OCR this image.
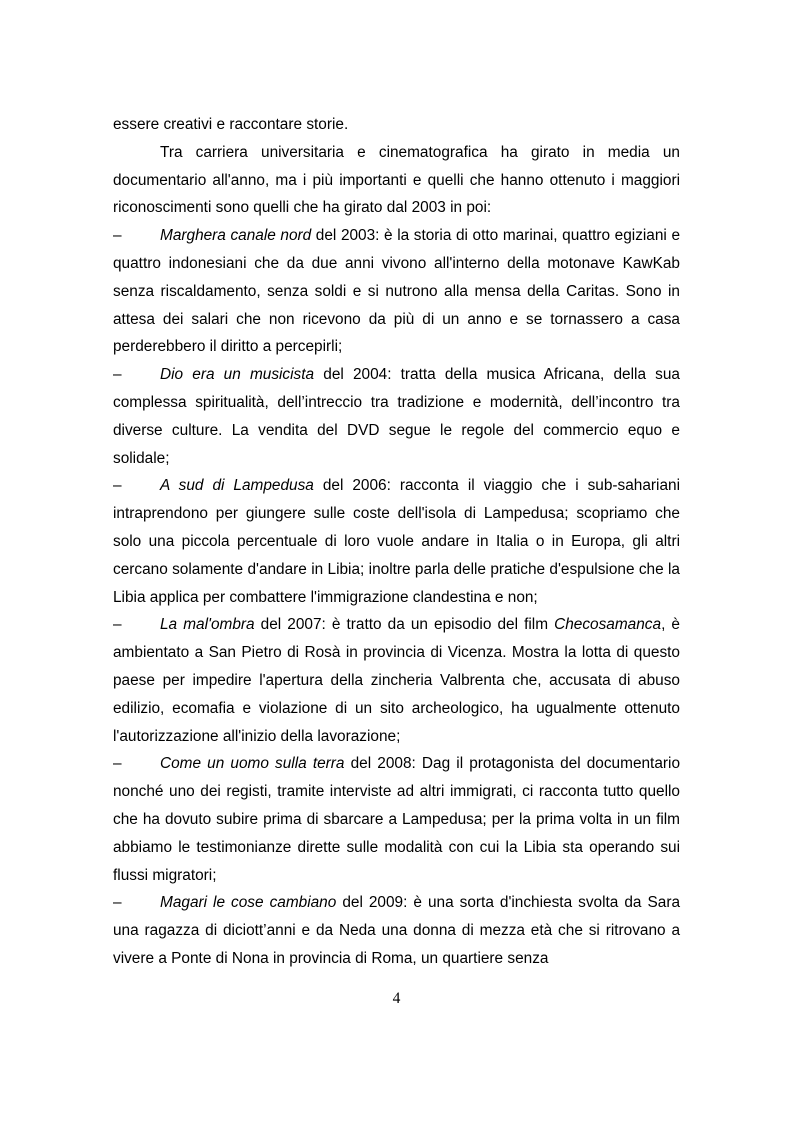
essere creativi e raccontare storie.

Tra carriera universitaria e cinematografica ha girato in media un documentario all'anno, ma i più importanti e quelli che hanno ottenuto i maggiori riconoscimenti sono quelli che ha girato dal 2003 in poi:

–	Marghera canale nord del 2003: è la storia di otto marinai, quattro egiziani e quattro indonesiani che da due anni vivono all'interno della motonave KawKab senza riscaldamento, senza soldi e si nutrono alla mensa della Caritas. Sono in attesa dei salari che non ricevono da più di un anno e se tornassero a casa perderebbero il diritto a percepirli;

–	Dio era un musicista del 2004: tratta della musica Africana, della sua complessa spiritualità, dell’intreccio tra tradizione e modernità, dell’incontro tra diverse culture. La vendita del DVD segue le regole del commercio equo e solidale;

–	A sud di Lampedusa del 2006: racconta il viaggio che i sub-sahariani intraprendono per giungere sulle coste dell'isola di Lampedusa; scopriamo che solo una piccola percentuale di loro vuole andare in Italia o in Europa, gli altri cercano solamente d'andare in Libia; inoltre parla delle pratiche d'espulsione che la Libia applica per combattere l'immigrazione clandestina e non;

–	La mal'ombra del 2007: è tratto da un episodio del film Checosamanca, è ambientato a San Pietro di Rosà in provincia di Vicenza. Mostra la lotta di questo paese per impedire l'apertura della zincheria Valbrenta che, accusata di abuso edilizio, ecomafia e violazione di un sito archeologico, ha ugualmente ottenuto l'autorizzazione all'inizio della lavorazione;

–	Come un uomo sulla terra del 2008: Dag il protagonista del documentario nonché uno dei registi, tramite interviste ad altri immigrati, ci racconta tutto quello che ha dovuto subire prima di sbarcare a Lampedusa; per la prima volta in un film abbiamo le testimonianze dirette sulle modalità con cui la Libia sta operando sui flussi migratori;

–	Magari le cose cambiano del 2009: è una sorta d'inchiesta svolta da Sara una ragazza di diciott’anni e da Neda una donna di mezza età che si ritrovano a vivere a Ponte di Nona in provincia di Roma, un quartiere senza

4
